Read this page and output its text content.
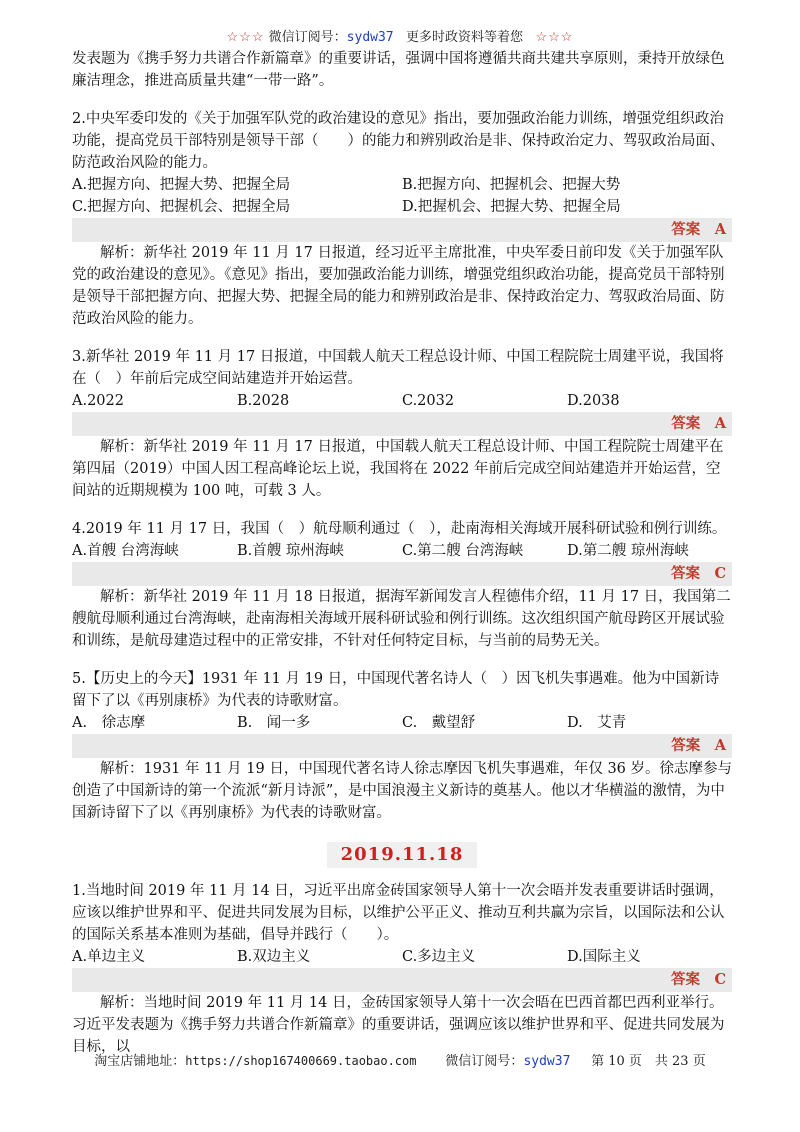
☆☆☆ 微信订阅号：sydw37 更多时政资料等着您 ☆☆☆

发表题为《携手努力共谱合作新篇章》的重要讲话，强调中国将遵循共商共建共享原则，秉持开放绿色廉洁理念，推进高质量共建“一带一路”。

2.中央军委印发的《关于加强军队党的政治建设的意见》指出，要加强政治能力训练，增强党组织政治功能，提高党员干部特别是领导干部（　　）的能力和辨别政治是非、保持政治定力、驾驭政治局面、防范政治风险的能力。

A.把握方向、把握大势、把握全局	B.把握方向、把握机会、把握大势
C.把握方向、把握机会、把握全局	D.把握机会、把握大势、把握全局
答案　A

解析：新华社 2019 年 11 月 17 日报道，经习近平主席批准，中央军委日前印发《关于加强军队党的政治建设的意见》。《意见》指出，要加强政治能力训练，增强党组织政治功能，提高党员干部特别是领导干部把握方向、把握大势、把握全局的能力和辨别政治是非、保持政治定力、驾驭政治局面、防范政治风险的能力。

3.新华社 2019 年 11 月 17 日报道，中国载人航天工程总设计师、中国工程院院士周建平说，我国将在（　）年前后完成空间站建造并开始运营。

A.2022	B.2028	C.2032	D.2038
答案　A

解析：新华社 2019 年 11 月 17 日报道，中国载人航天工程总设计师、中国工程院院士周建平在第四届（2019）中国人因工程高峰论坛上说，我国将在 2022 年前后完成空间站建造并开始运营，空间站的近期规模为 100 吨，可载 3 人。

4.2019 年 11 月 17 日，我国（　）航母顺利通过（　），赴南海相关海域开展科研试验和例行训练。

A.首艘 台湾海峡	B.首艘 琼州海峡	C.第二艘 台湾海峡	D.第二艘 琼州海峡
答案　C

解析：新华社 2019 年 11 月 18 日报道，据海军新闻发言人程德伟介绍，11 月 17 日，我国第二艘航母顺利通过台湾海峡，赴南海相关海域开展科研试验和例行训练。这次组织国产航母跨区开展试验和训练，是航母建造过程中的正常安排，不针对任何特定目标，与当前的局势无关。

5.【历史上的今天】1931 年 11 月 19 日，中国现代著名诗人（　）因飞机失事遇难。他为中国新诗留下了以《再别康桥》为代表的诗歌财富。

A.　徐志摩	B.　闻一多	C.　戴望舒	D.　艾青
答案　A

解析：1931 年 11 月 19 日，中国现代著名诗人徐志摩因飞机失事遇难，年仅 36 岁。徐志摩参与创造了中国新诗的第一个流派“新月诗派”，是中国浪漫主义新诗的奠基人。他以才华横溢的激情，为中国新诗留下了以《再别康桥》为代表的诗歌财富。

2019.11.18

1.当地时间 2019 年 11 月 14 日，习近平出席金砖国家领导人第十一次会晤并发表重要讲话时强调，应该以维护世界和平、促进共同发展为目标，以维护公平正义、推动互利共赢为宗旨，以国际法和公认的国际关系基本准则为基础，倡导并践行（　　）。

A.单边主义	B.双边主义	C.多边主义	D.国际主义
答案　C

解析：当地时间 2019 年 11 月 14 日，金砖国家领导人第十一次会晤在巴西首都巴西利亚举行。习近平发表题为《携手努力共谱合作新篇章》的重要讲话，强调应该以维护世界和平、促进共同发展为目标，以

淘宝店铺地址：https://shop167400669.taobao.com 微信订阅号：sydw37 第 10 页　共 23 页
